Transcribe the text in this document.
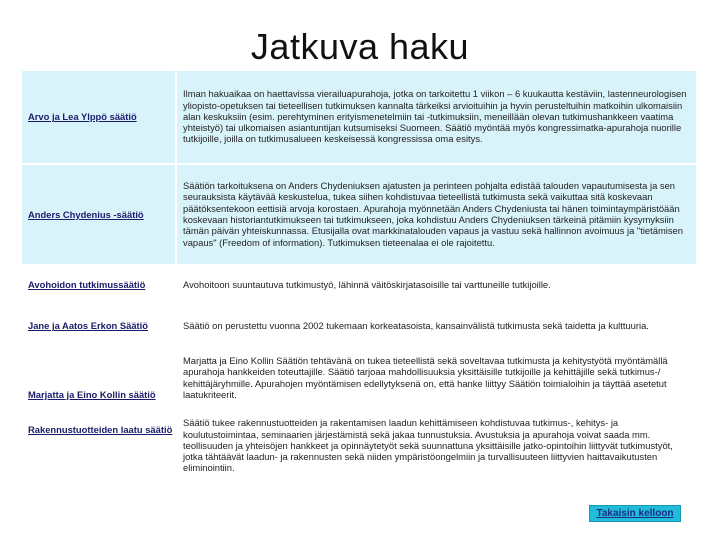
Jatkuva haku
Arvo ja Lea Ylppö säätiö
Ilman hakuaikaa on haettavissa vierailuapurahoja, jotka on tarkoitettu 1 viikon – 6 kuukautta kestäviin, lastenneurologisen yliopisto-opetuksen tai tieteellisen tutkimuksen kannalta tärkeiksi arvioituihin ja hyvin perusteltuihin matkoihin ulkomaisiin alan keskuksiin (esim. perehtyminen erityismenetelmiin tai -tutkimuksiin, meneillään olevan tutkimushankkeen vaatima yhteistyö) tai ulkomaisen asiantuntijan kutsumiseksi Suomeen. Säätiö myöntää myös kongressimatka-apurahoja nuorille tutkijoille, joilla on tutkimusalueen keskeisessä kongressissa oma esitys.
Anders Chydenius -säätiö
Säätiön tarkoituksena on Anders Chydeniuksen ajatusten ja perinteen pohjalta edistää talouden vapautumisesta ja sen seurauksista käytävää keskustelua, tukea siihen kohdistuvaa tieteellistä tutkimusta sekä vaikuttaa sitä koskevaan päätöksentekoon eettisiä arvoja korostaen. Apurahoja myönnetään Anders Chydeniusta tai hänen toimintaympäristöään koskevaan historiantutkimukseen tai tutkimukseen, joka kohdistuu Anders Chydeniuksen tärkeinä pitämiin kysymyksiin tämän päivän yhteiskunnassa. Etusijalla ovat markkinatalouden vapaus ja vastuu sekä hallinnon avoimuus ja "tietämisen vapaus" (Freedom of information). Tutkimuksen tieteenalaa ei ole rajoitettu.
Avohoidon tutkimussäätiö	Avohoitoon suuntautuva tutkimustyö, lähinnä väitöskirjatasoisille tai varttuneille tutkijoille.
Jane ja Aatos Erkon Säätiö	Säätiö on perustettu vuonna 2002 tukemaan korkeatasoista, kansainvälistä tutkimusta sekä taidetta ja kulttuuria.
Marjatta ja Eino Kollin säätiö
Marjatta ja Eino Kollin Säätiön tehtävänä on tukea tieteellistä sekä soveltavaa tutkimusta ja kehitystyötä myöntämällä apurahoja hankkeiden toteuttajille. Säätiö tarjoaa mahdollisuuksia yksittäisille tutkijoille ja kehittäjille sekä tutkimus-/ kehittäjäryhmille. Apurahojen myöntämisen edellytyksenä on, että hanke liittyy Säätiön toimialoihin ja täyttää asetetut laatukriteerit.
Rakennustuotteiden laatu säätiö
Säätiö tukee rakennustuotteiden ja rakentamisen laadun kehittämiseen kohdistuvaa tutkimus-, kehitys- ja koulutustoimintaa, seminaarien järjestämistä sekä jakaa tunnustuksia. Avustuksia ja apurahoja voivat saada mm. teollisuuden ja yhteisöjen hankkeet ja opinnäytetyöt sekä suunnattuna yksittäisille jatko-opintoihin liittyvät tutkimustyöt, jotka tähtäävät laadun- ja rakennusten sekä niiden ympäristöongelmiin ja turvallisuuteen liittyvien haittavaikutusten eliminointiin.
Takaisin kelloon
